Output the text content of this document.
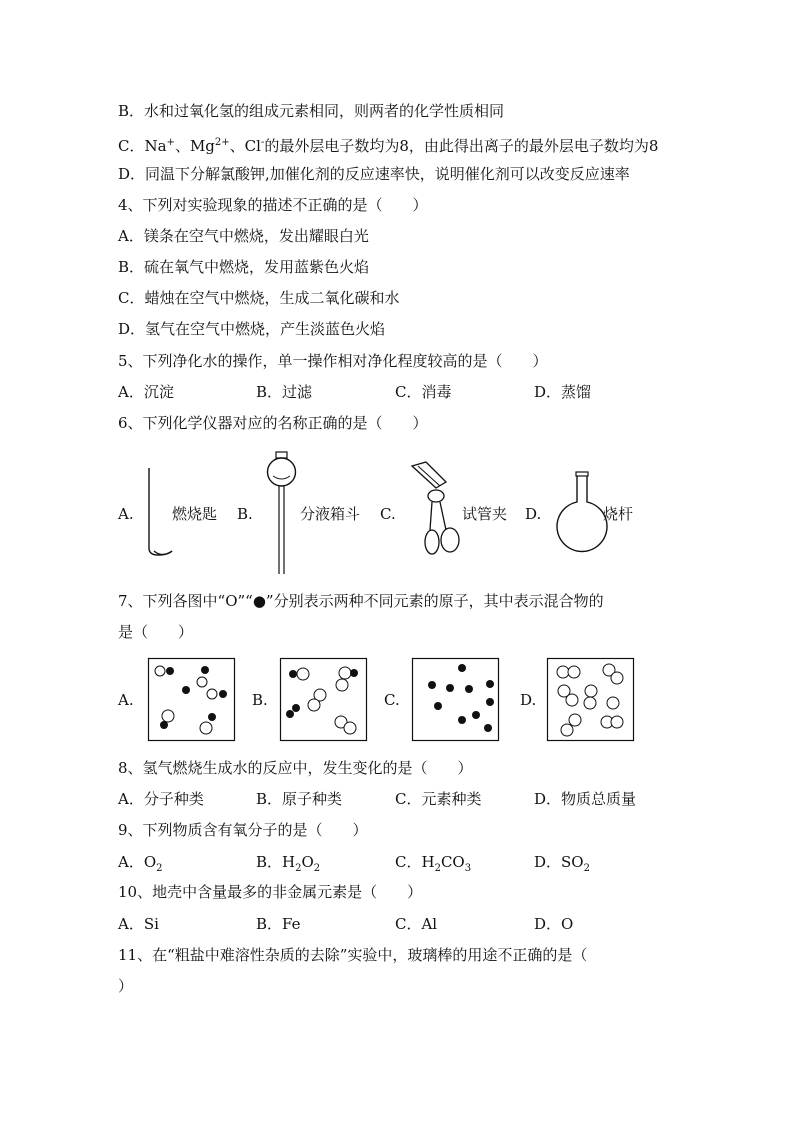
B．水和过氧化氢的组成元素相同，则两者的化学性质相同
C．Na+、$Mg^{2+}$、Cl-的最外层电子数均为8，由此得出离子的最外层电子数均为8
D．同温下分解氯酸钾,加催化剂的反应速率快，说明催化剂可以改变反应速率
4、下列对实验现象的描述不正确的是（　　）
A．镁条在空气中燃烧，发出耀眼白光
B．硫在氧气中燃烧，发用蓝紫色火焰
C．蜡烛在空气中燃烧，生成二氧化碳和水
D．氢气在空气中燃烧，产生淡蓝色火焰
5、下列净化水的操作，单一操作相对净化程度较高的是（　　）
A．沉淀	B．过滤	C．消毒	D．蒸馏
6、下列化学仪器对应的名称正确的是（　　）
A.	燃烧匙 B.	分液箱斗 C.	试管夹 D.	烧杆
7、下列各图中“O”“●”分别表示两种不同元素的原子，其中表示混合物的
是（　　）
A.	B.	C.	D.
8、氢气燃烧生成水的反应中，发生变化的是（　　）
A．分子种类	B．原子种类	C．元素种类	D．物质总质量
9、下列物质含有氧分子的是（　　）
A．$O_2$	B．$H_2O_2$	C．$H_2CO_3$	D．$SO_2$
10、地壳中含量最多的非金属元素是（　　）
A．Si	B．Fe	C．Al	D．O
11、在“粗盐中难溶性杂质的去除”实验中，玻璃棒的用途不正确的是（
）
